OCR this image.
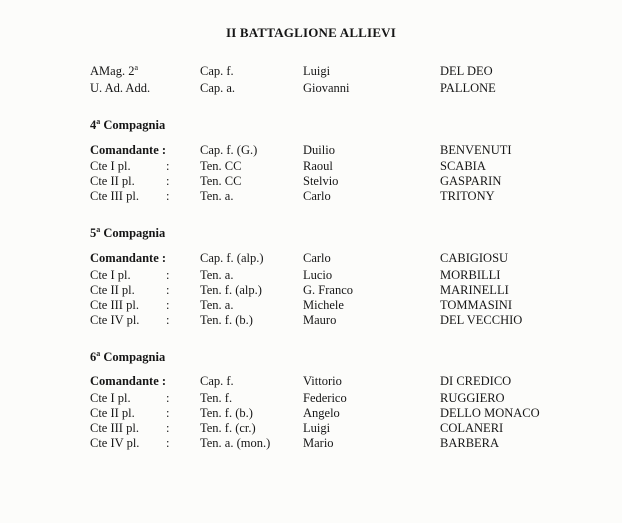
II BATTAGLIONE ALLIEVI
AMag. 2$^a$	Cap. f.	Luigi	DEL DEO
U. Ad. Add.	Cap. a.	Giovanni	PALLONE
4$^a$ Compagnia
Comandante :	Cap. f. (G.)	Duilio	BENVENUTI
Cte I pl.	: Ten. CC	Raoul	SCABIA
Cte II pl. : Ten. CC	Stelvio	GASPARIN
Cte III pl. : Ten. a.	Carlo	TRITONY
5$^a$ Compagnia
Comandante :	Cap. f. (alp.)	Carlo	CABIGIOSU
Cte I pl.	: Ten. a.	Lucio	MORBILLI
Cte II pl. : Ten. f. (alp.)	G. Franco	MARINELLI
Cte III pl. : Ten. a.	Michele	TOMMASINI
Cte IV pl. : Ten. f. (b.)	Mauro	DEL VECCHIO
6$^a$ Compagnia
Comandante :	Cap. f.	Vittorio	DI CREDICO
Cte I pl.	: Ten. f.	Federico	RUGGIERO
Cte II pl. : Ten. f. (b.)	Angelo	DELLO MONACO
Cte III pl. : Ten. f. (cr.)	Luigi	COLANERI
Cte IV pl. : Ten. a. (mon.)	Mario	BARBERA
